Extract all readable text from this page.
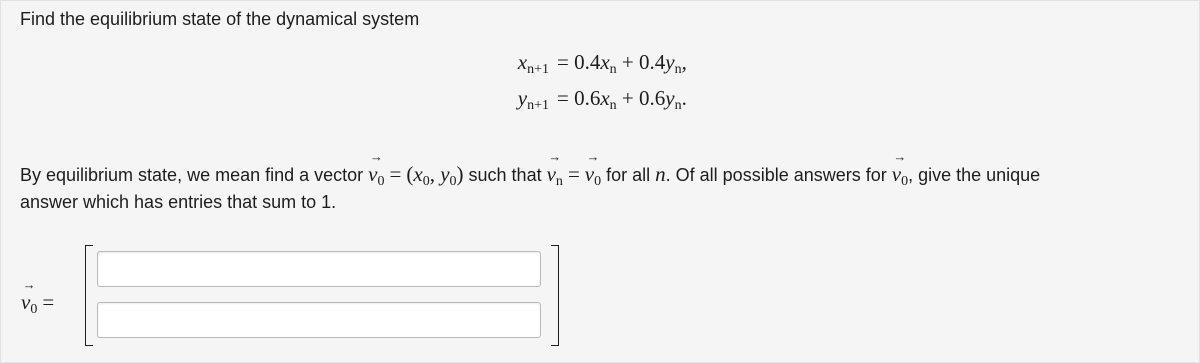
Find the equilibrium state of the dynamical system
$x_{n+1} = 0.4x_n + 0.4y_n$,
$y_{n+1} = 0.6x_n + 0.6y_n$.
By equilibrium state, we mean find a vector
→
$v_0 = (x_0$, $y_0$) such that
→
$v_n$ =
→
$v_0$ for all n. Of all possible answers for
→
$v_0$, give the unique
answer which has entries that sum to 1.
→
$v_0$ =
